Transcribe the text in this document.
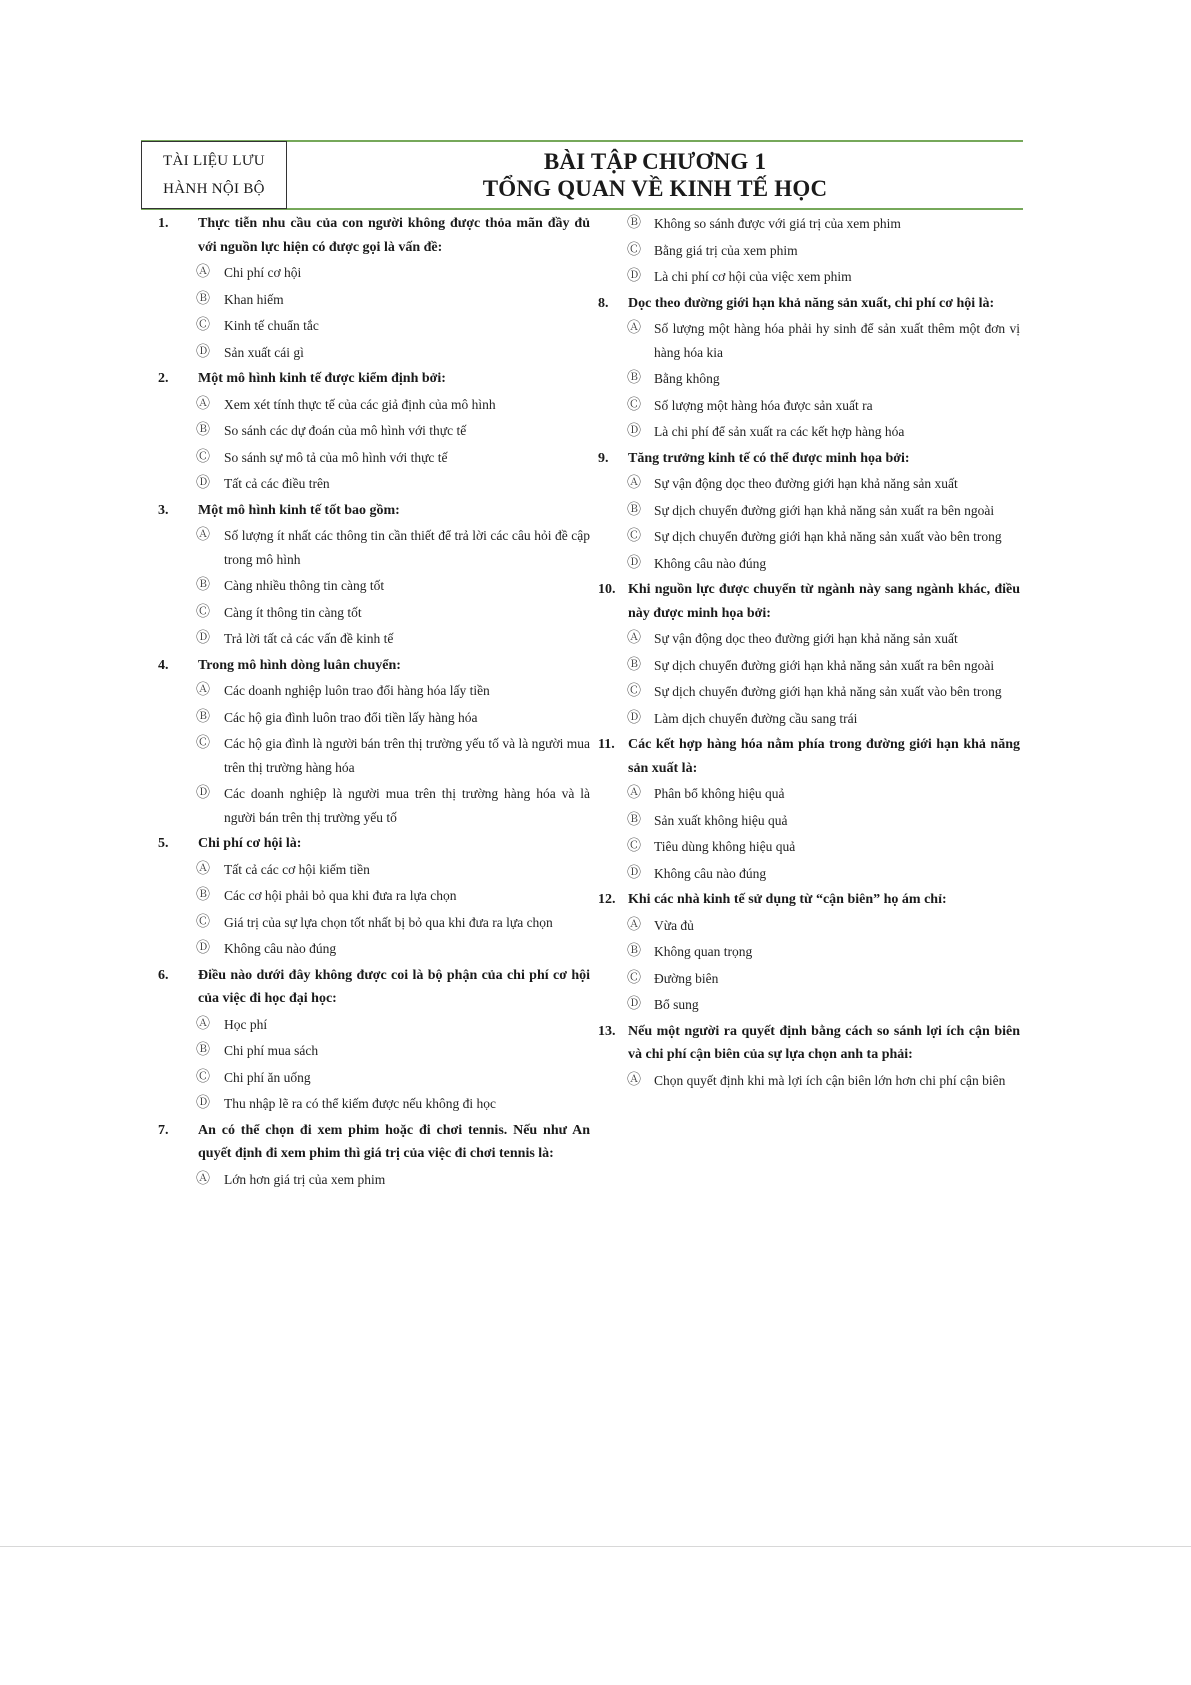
TÀI LIỆU LƯU
HÀNH NỘI BỘ
BÀI TẬP CHƯƠNG 1
TỔNG QUAN VỀ KINH TẾ HỌC
1. Thực tiễn nhu cầu của con người không được thỏa mãn đầy đủ với nguồn lực hiện có được gọi là vấn đề:
Ⓐ Chi phí cơ hội
Ⓑ Khan hiếm
Ⓒ Kinh tế chuẩn tắc
Ⓓ Sản xuất cái gì
2. Một mô hình kinh tế được kiểm định bởi:
Ⓐ Xem xét tính thực tế của các giả định của mô hình
Ⓑ So sánh các dự đoán của mô hình với thực tế
Ⓒ So sánh sự mô tả của mô hình với thực tế
Ⓓ Tất cả các điều trên
3. Một mô hình kinh tế tốt bao gồm:
Ⓐ Số lượng ít nhất các thông tin cần thiết để trả lời các câu hỏi đề cập trong mô hình
Ⓑ Càng nhiều thông tin càng tốt
Ⓒ Càng ít thông tin càng tốt
Ⓓ Trả lời tất cả các vấn đề kinh tế
4. Trong mô hình dòng luân chuyển:
Ⓐ Các doanh nghiệp luôn trao đổi hàng hóa lấy tiền
Ⓑ Các hộ gia đình luôn trao đổi tiền lấy hàng hóa
Ⓒ Các hộ gia đình là người bán trên thị trường yếu tố và là người mua trên thị trường hàng hóa
Ⓓ Các doanh nghiệp là người mua trên thị trường hàng hóa và là người bán trên thị trường yếu tố
5. Chi phí cơ hội là:
Ⓐ Tất cả các cơ hội kiếm tiền
Ⓑ Các cơ hội phải bỏ qua khi đưa ra lựa chọn
Ⓒ Giá trị của sự lựa chọn tốt nhất bị bỏ qua khi đưa ra lựa chọn
Ⓓ Không câu nào đúng
6. Điều nào dưới đây không được coi là bộ phận của chi phí cơ hội của việc đi học đại học:
Ⓐ Học phí
Ⓑ Chi phí mua sách
Ⓒ Chi phí ăn uống
Ⓓ Thu nhập lẽ ra có thể kiếm được nếu không đi học
7. An có thể chọn đi xem phim hoặc đi chơi tennis. Nếu như An quyết định đi xem phim thì giá trị của việc đi chơi tennis là:
Ⓐ Lớn hơn giá trị của xem phim
Ⓑ Không so sánh được với giá trị của xem phim
Ⓒ Bằng giá trị của xem phim
Ⓓ Là chi phí cơ hội của việc xem phim
8. Dọc theo đường giới hạn khả năng sản xuất, chi phí cơ hội là:
Ⓐ Số lượng một hàng hóa phải hy sinh để sản xuất thêm một đơn vị hàng hóa kia
Ⓑ Bằng không
Ⓒ Số lượng một hàng hóa được sản xuất ra
Ⓓ Là chi phí để sản xuất ra các kết hợp hàng hóa
9. Tăng trưởng kinh tế có thể được minh họa bởi:
Ⓐ Sự vận động dọc theo đường giới hạn khả năng sản xuất
Ⓑ Sự dịch chuyển đường giới hạn khả năng sản xuất ra bên ngoài
Ⓒ Sự dịch chuyển đường giới hạn khả năng sản xuất vào bên trong
Ⓓ Không câu nào đúng
10. Khi nguồn lực được chuyển từ ngành này sang ngành khác, điều này được minh họa bởi:
Ⓐ Sự vận động dọc theo đường giới hạn khả năng sản xuất
Ⓑ Sự dịch chuyển đường giới hạn khả năng sản xuất ra bên ngoài
Ⓒ Sự dịch chuyển đường giới hạn khả năng sản xuất vào bên trong
Ⓓ Làm dịch chuyển đường cầu sang trái
11. Các kết hợp hàng hóa nằm phía trong đường giới hạn khả năng sản xuất là:
Ⓐ Phân bổ không hiệu quả
Ⓑ Sản xuất không hiệu quả
Ⓒ Tiêu dùng không hiệu quả
Ⓓ Không câu nào đúng
12. Khi các nhà kinh tế sử dụng từ “cận biên” họ ám chỉ:
Ⓐ Vừa đủ
Ⓑ Không quan trọng
Ⓒ Đường biên
Ⓓ Bổ sung
13. Nếu một người ra quyết định bằng cách so sánh lợi ích cận biên và chi phí cận biên của sự lựa chọn anh ta phải:
Ⓐ Chọn quyết định khi mà lợi ích cận biên lớn hơn chi phí cận biên
